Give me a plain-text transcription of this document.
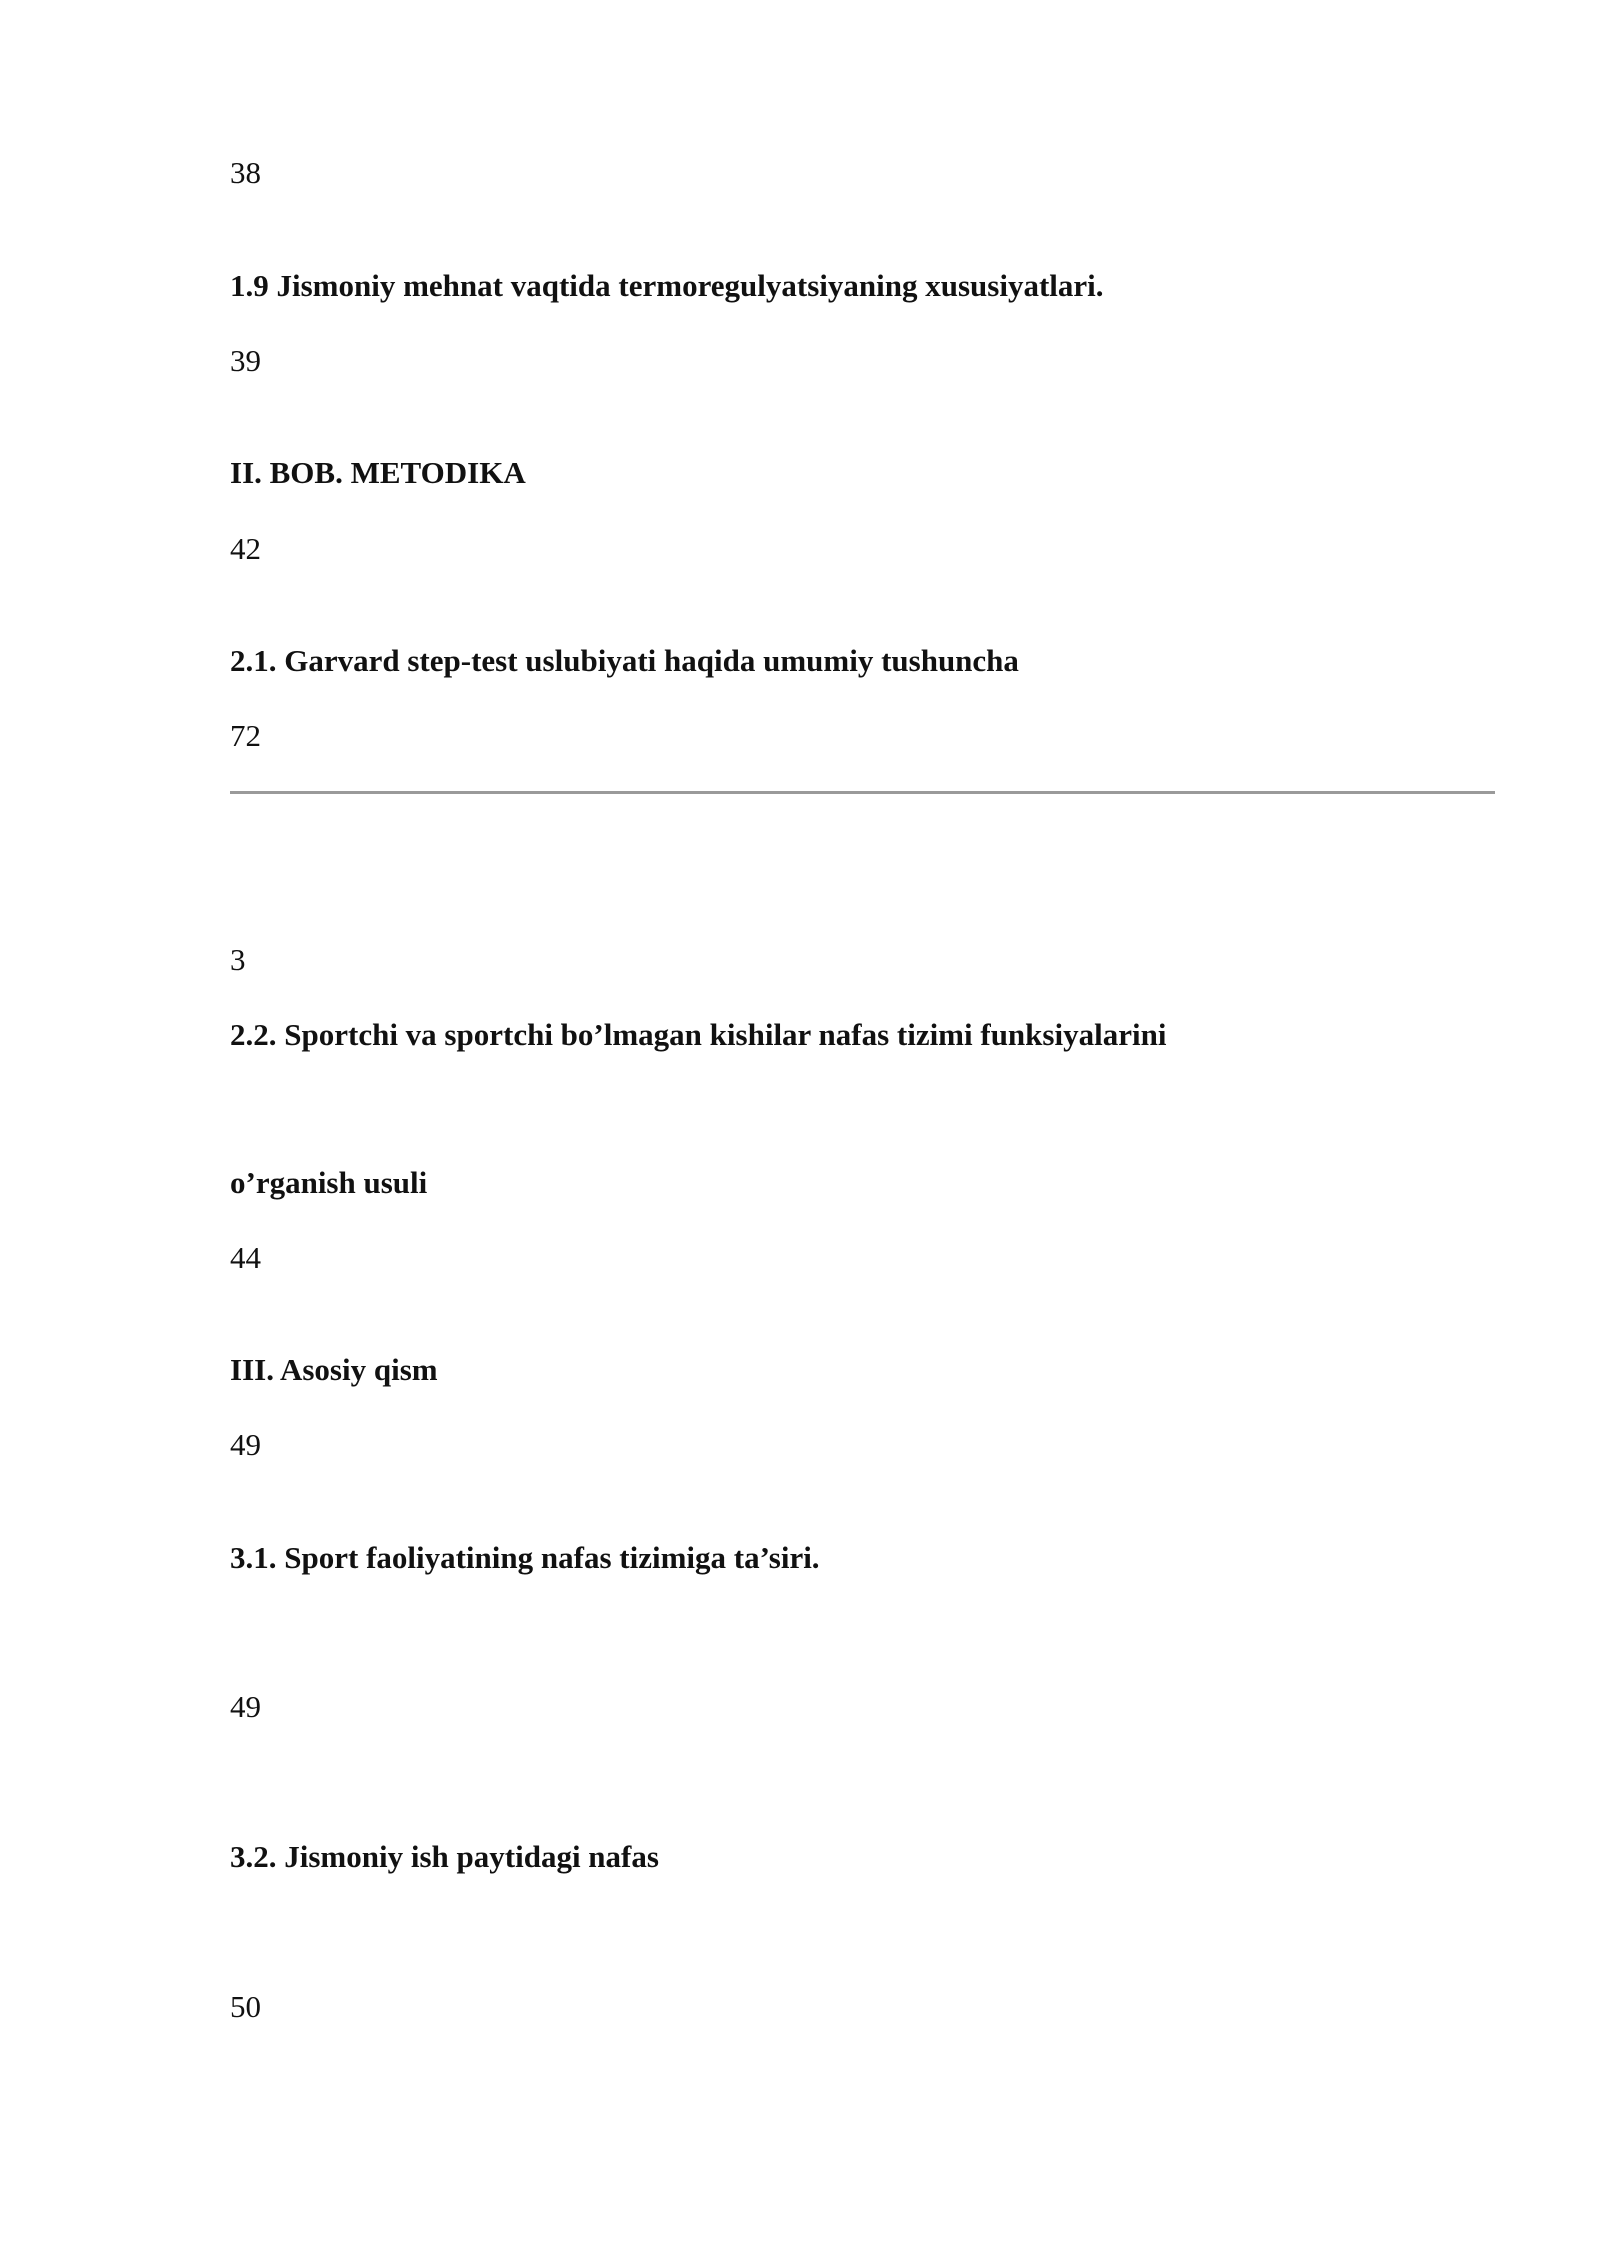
38
1.9 Jismoniy mehnat vaqtida termoregulyatsiyaning xususiyatlari.
39
II. BOB. METODIKA
42
2.1. Garvard step-test uslubiyati haqida umumiy tushuncha
72
3
2.2. Sportchi va sportchi bo’lmagan kishilar nafas tizimi funksiyalarini
o’rganish usuli
44
III. Asosiy qism
49
3.1. Sport faoliyatining nafas tizimiga ta’siri.
49
3.2. Jismoniy ish paytidagi nafas
50
